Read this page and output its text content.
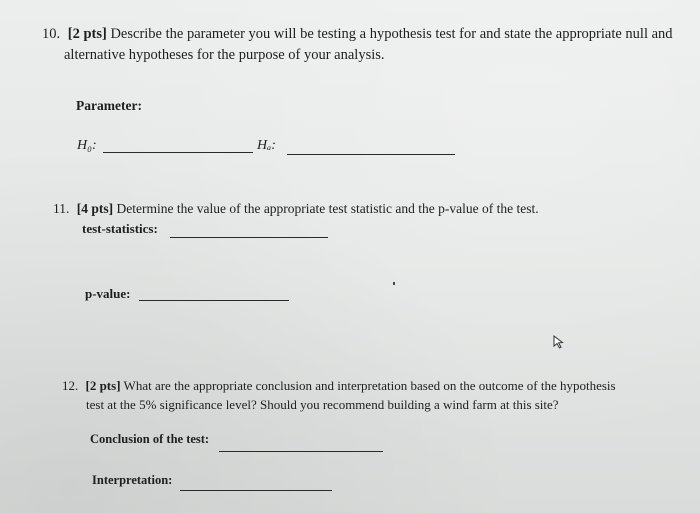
10. [2 pts] Describe the parameter you will be testing a hypothesis test for and state the appropriate null and
alternative hypotheses for the purpose of your analysis.
Parameter:
H₀:	Hₐ:
11. [4 pts] Determine the value of the appropriate test statistic and the p-value of the test.
test-statistics:
p-value:
12. [2 pts] What are the appropriate conclusion and interpretation based on the outcome of the hypothesis
test at the 5% significance level? Should you recommend building a wind farm at this site?
Conclusion of the test:
Interpretation:
